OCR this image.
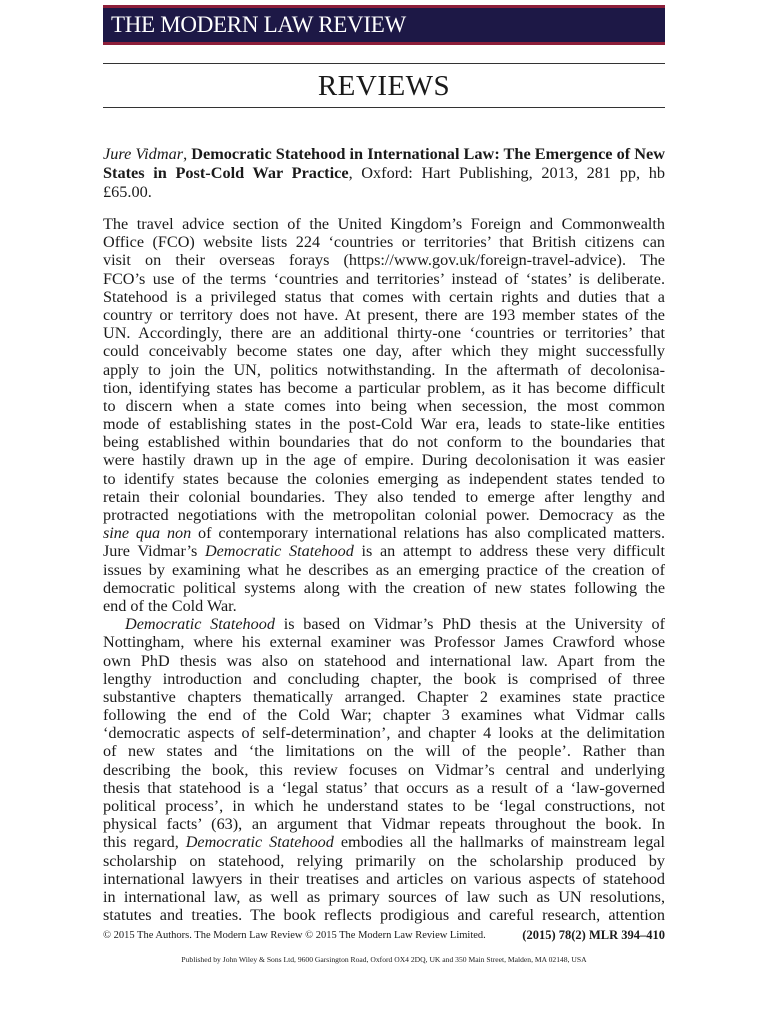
THE MODERN LAW REVIEW
REVIEWS
Jure Vidmar, Democratic Statehood in International Law: The Emergence of New States in Post-Cold War Practice, Oxford: Hart Publishing, 2013, 281 pp, hb £65.00.
The travel advice section of the United Kingdom’s Foreign and Commonwealth
Office (FCO) website lists 224 ‘countries or territories’ that British citizens can
visit on their overseas forays (https://www.gov.uk/foreign-travel-advice). The
FCO’s use of the terms ‘countries and territories’ instead of ‘states’ is deliberate.
Statehood is a privileged status that comes with certain rights and duties that a
country or territory does not have. At present, there are 193 member states of the
UN. Accordingly, there are an additional thirty-one ‘countries or territories’ that
could conceivably become states one day, after which they might successfully
apply to join the UN, politics notwithstanding. In the aftermath of decolonisa-
tion, identifying states has become a particular problem, as it has become difficult
to discern when a state comes into being when secession, the most common
mode of establishing states in the post-Cold War era, leads to state-like entities
being established within boundaries that do not conform to the boundaries that
were hastily drawn up in the age of empire. During decolonisation it was easier
to identify states because the colonies emerging as independent states tended to
retain their colonial boundaries. They also tended to emerge after lengthy and
protracted negotiations with the metropolitan colonial power. Democracy as the
sine qua non of contemporary international relations has also complicated matters.
Jure Vidmar’s Democratic Statehood is an attempt to address these very difficult
issues by examining what he describes as an emerging practice of the creation of
democratic political systems along with the creation of new states following the
end of the Cold War.
Democratic Statehood is based on Vidmar’s PhD thesis at the University of
Nottingham, where his external examiner was Professor James Crawford whose
own PhD thesis was also on statehood and international law. Apart from the
lengthy introduction and concluding chapter, the book is comprised of three
substantive chapters thematically arranged. Chapter 2 examines state practice
following the end of the Cold War; chapter 3 examines what Vidmar calls
‘democratic aspects of self-determination’, and chapter 4 looks at the delimitation
of new states and ‘the limitations on the will of the people’. Rather than
describing the book, this review focuses on Vidmar’s central and underlying
thesis that statehood is a ‘legal status’ that occurs as a result of a ‘law-governed
political process’, in which he understand states to be ‘legal constructions, not
physical facts’ (63), an argument that Vidmar repeats throughout the book. In
this regard, Democratic Statehood embodies all the hallmarks of mainstream legal
scholarship on statehood, relying primarily on the scholarship produced by
international lawyers in their treatises and articles on various aspects of statehood
in international law, as well as primary sources of law such as UN resolutions,
statutes and treaties. The book reflects prodigious and careful research, attention
© 2015 The Authors. The Modern Law Review © 2015 The Modern Law Review Limited.	(2015) 78(2) MLR 394–410
Published by John Wiley & Sons Ltd, 9600 Garsington Road, Oxford OX4 2DQ, UK and 350 Main Street, Malden, MA 02148, USA
